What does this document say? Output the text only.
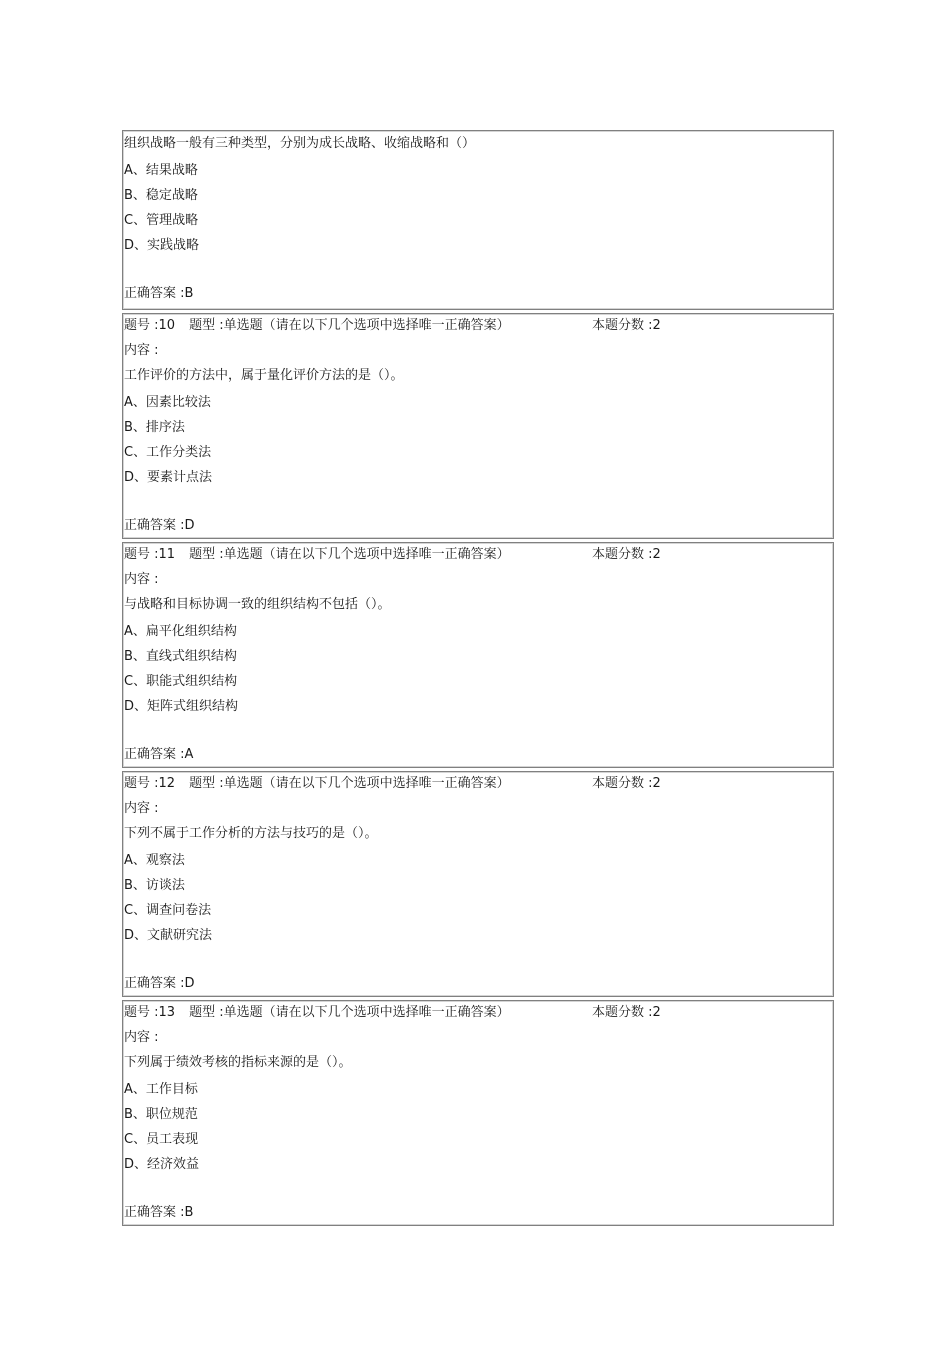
组织战略一般有三种类型，分别为成长战略、收缩战略和（）
A、结果战略
B、稳定战略
C、管理战略
D、实践战略
正确答案 :B
题号 :10 题型 :单选题（请在以下几个选项中选择唯一正确答案）	本题分数 :2
内容 :
工作评价的方法中，属于量化评价方法的是（）。
A、因素比较法
B、排序法
C、工作分类法
D、要素计点法
正确答案 :D
题号 :11 题型 :单选题（请在以下几个选项中选择唯一正确答案）	本题分数 :2
内容 :
与战略和目标协调一致的组织结构不包括（）。
A、扁平化组织结构
B、直线式组织结构
C、职能式组织结构
D、矩阵式组织结构
正确答案 :A
题号 :12 题型 :单选题（请在以下几个选项中选择唯一正确答案）	本题分数 :2
内容 :
下列不属于工作分析的方法与技巧的是（）。
A、观察法
B、访谈法
C、调查问卷法
D、文献研究法
正确答案 :D
题号 :13 题型 :单选题（请在以下几个选项中选择唯一正确答案）	本题分数 :2
内容 :
下列属于绩效考核的指标来源的是（）。
A、工作目标
B、职位规范
C、员工表现
D、经济效益
正确答案 :B
